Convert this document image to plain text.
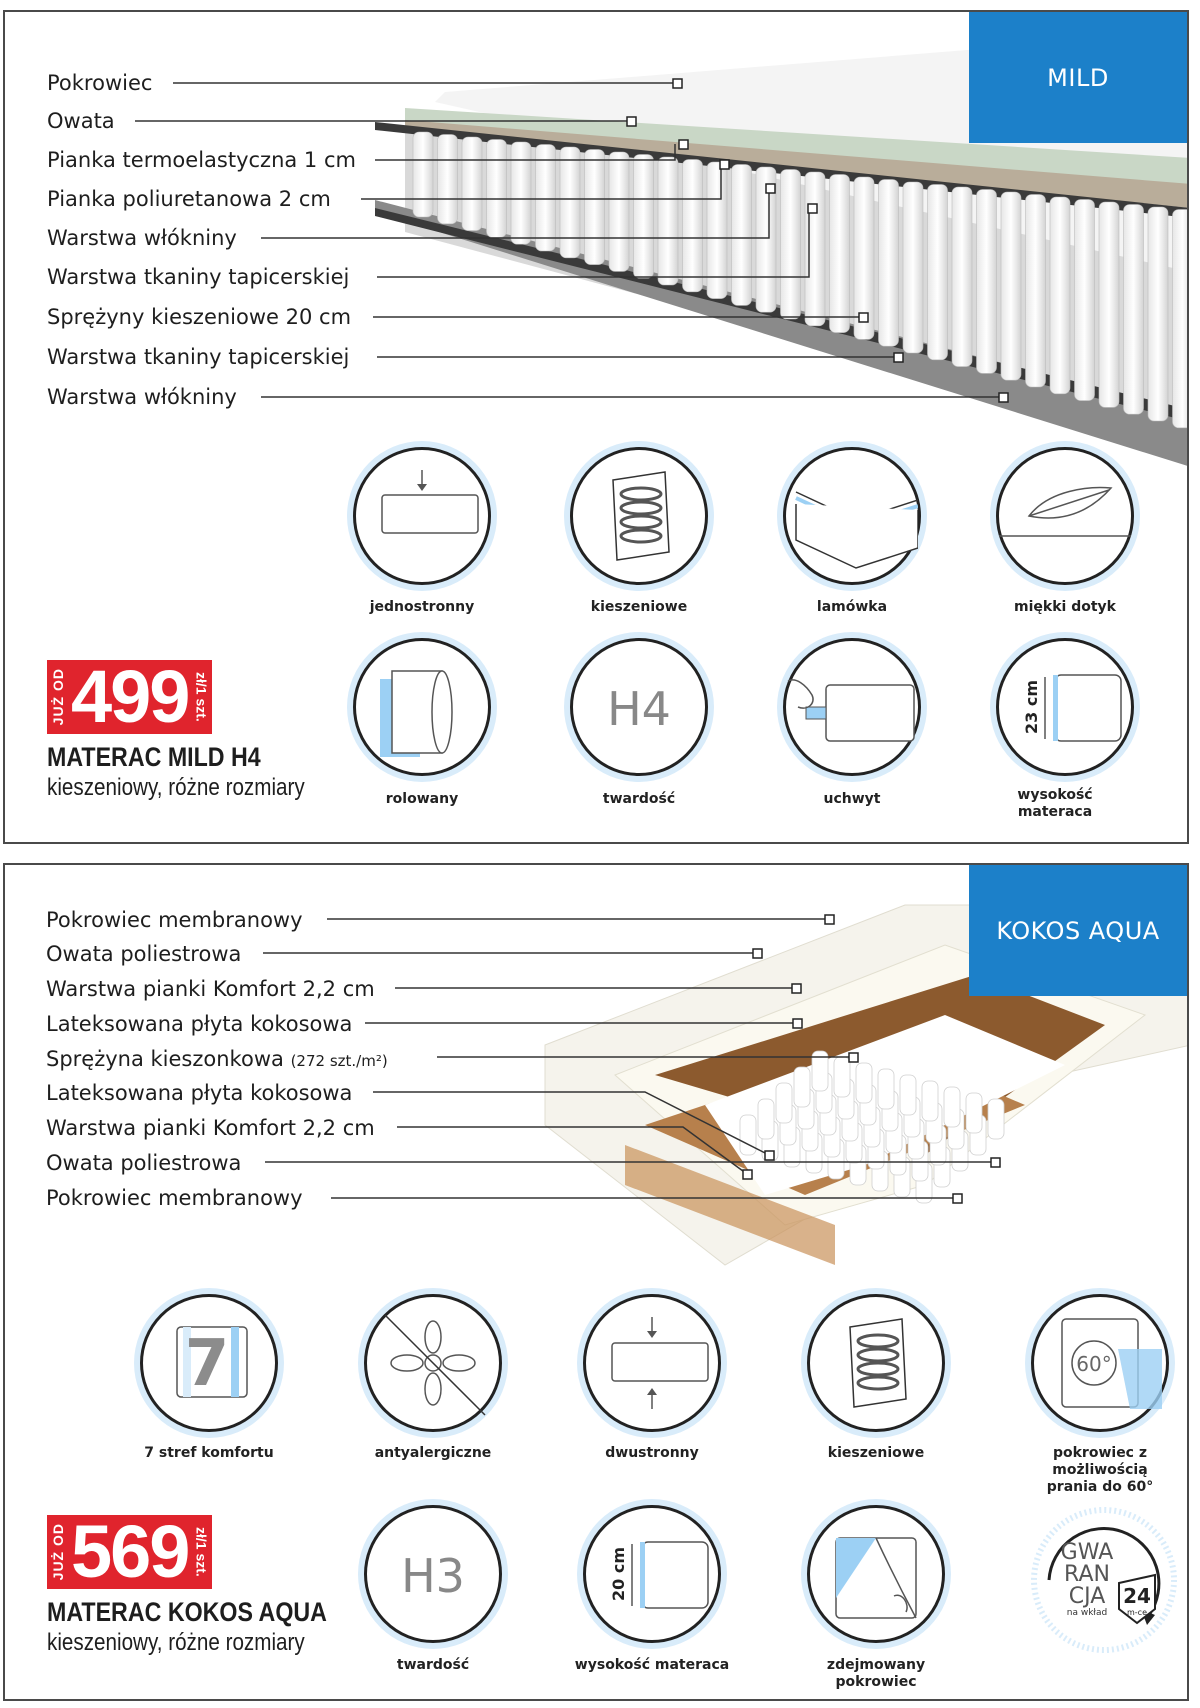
MILD
Pokrowiec
Owata
Pianka termoelastyczna 1 cm
Pianka poliuretanowa 2 cm
Warstwa włókniny
Warstwa tkaniny tapicerskiej
Sprężyny kieszeniowe 20 cm
Warstwa tkaniny tapicerskiej
Warstwa włókniny
jednostronny	kieszeniowe	lamówka	miękki dotyk
H4	23 cm
rolowany	twardość	uchwyt	wysokość materaca
JUŻ OD 499 zł/1 szt.
MATERAC MILD H4
kieszeniowy, różne rozmiary
KOKOS AQUA
Pokrowiec membranowy
Owata poliestrowa
Warstwa pianki Komfort 2,2 cm
Lateksowana płyta kokosowa
Sprężyna kieszonkowa (272 szt./m²)
Lateksowana płyta kokosowa
Warstwa pianki Komfort 2,2 cm
Owata poliestrowa
Pokrowiec membranowy
7	60°
7 stref komfortu	antyalergiczne	dwustronny	kieszeniowe	pokrowiec z możliwością prania do 60°
H3	20 cm
twardość	wysokość materaca	zdejmowany pokrowiec
GWA
RAN
CJA
na wkład
24
m-ce
JUŻ OD 569 zł/1 szt.
MATERAC KOKOS AQUA
kieszeniowy, różne rozmiary
